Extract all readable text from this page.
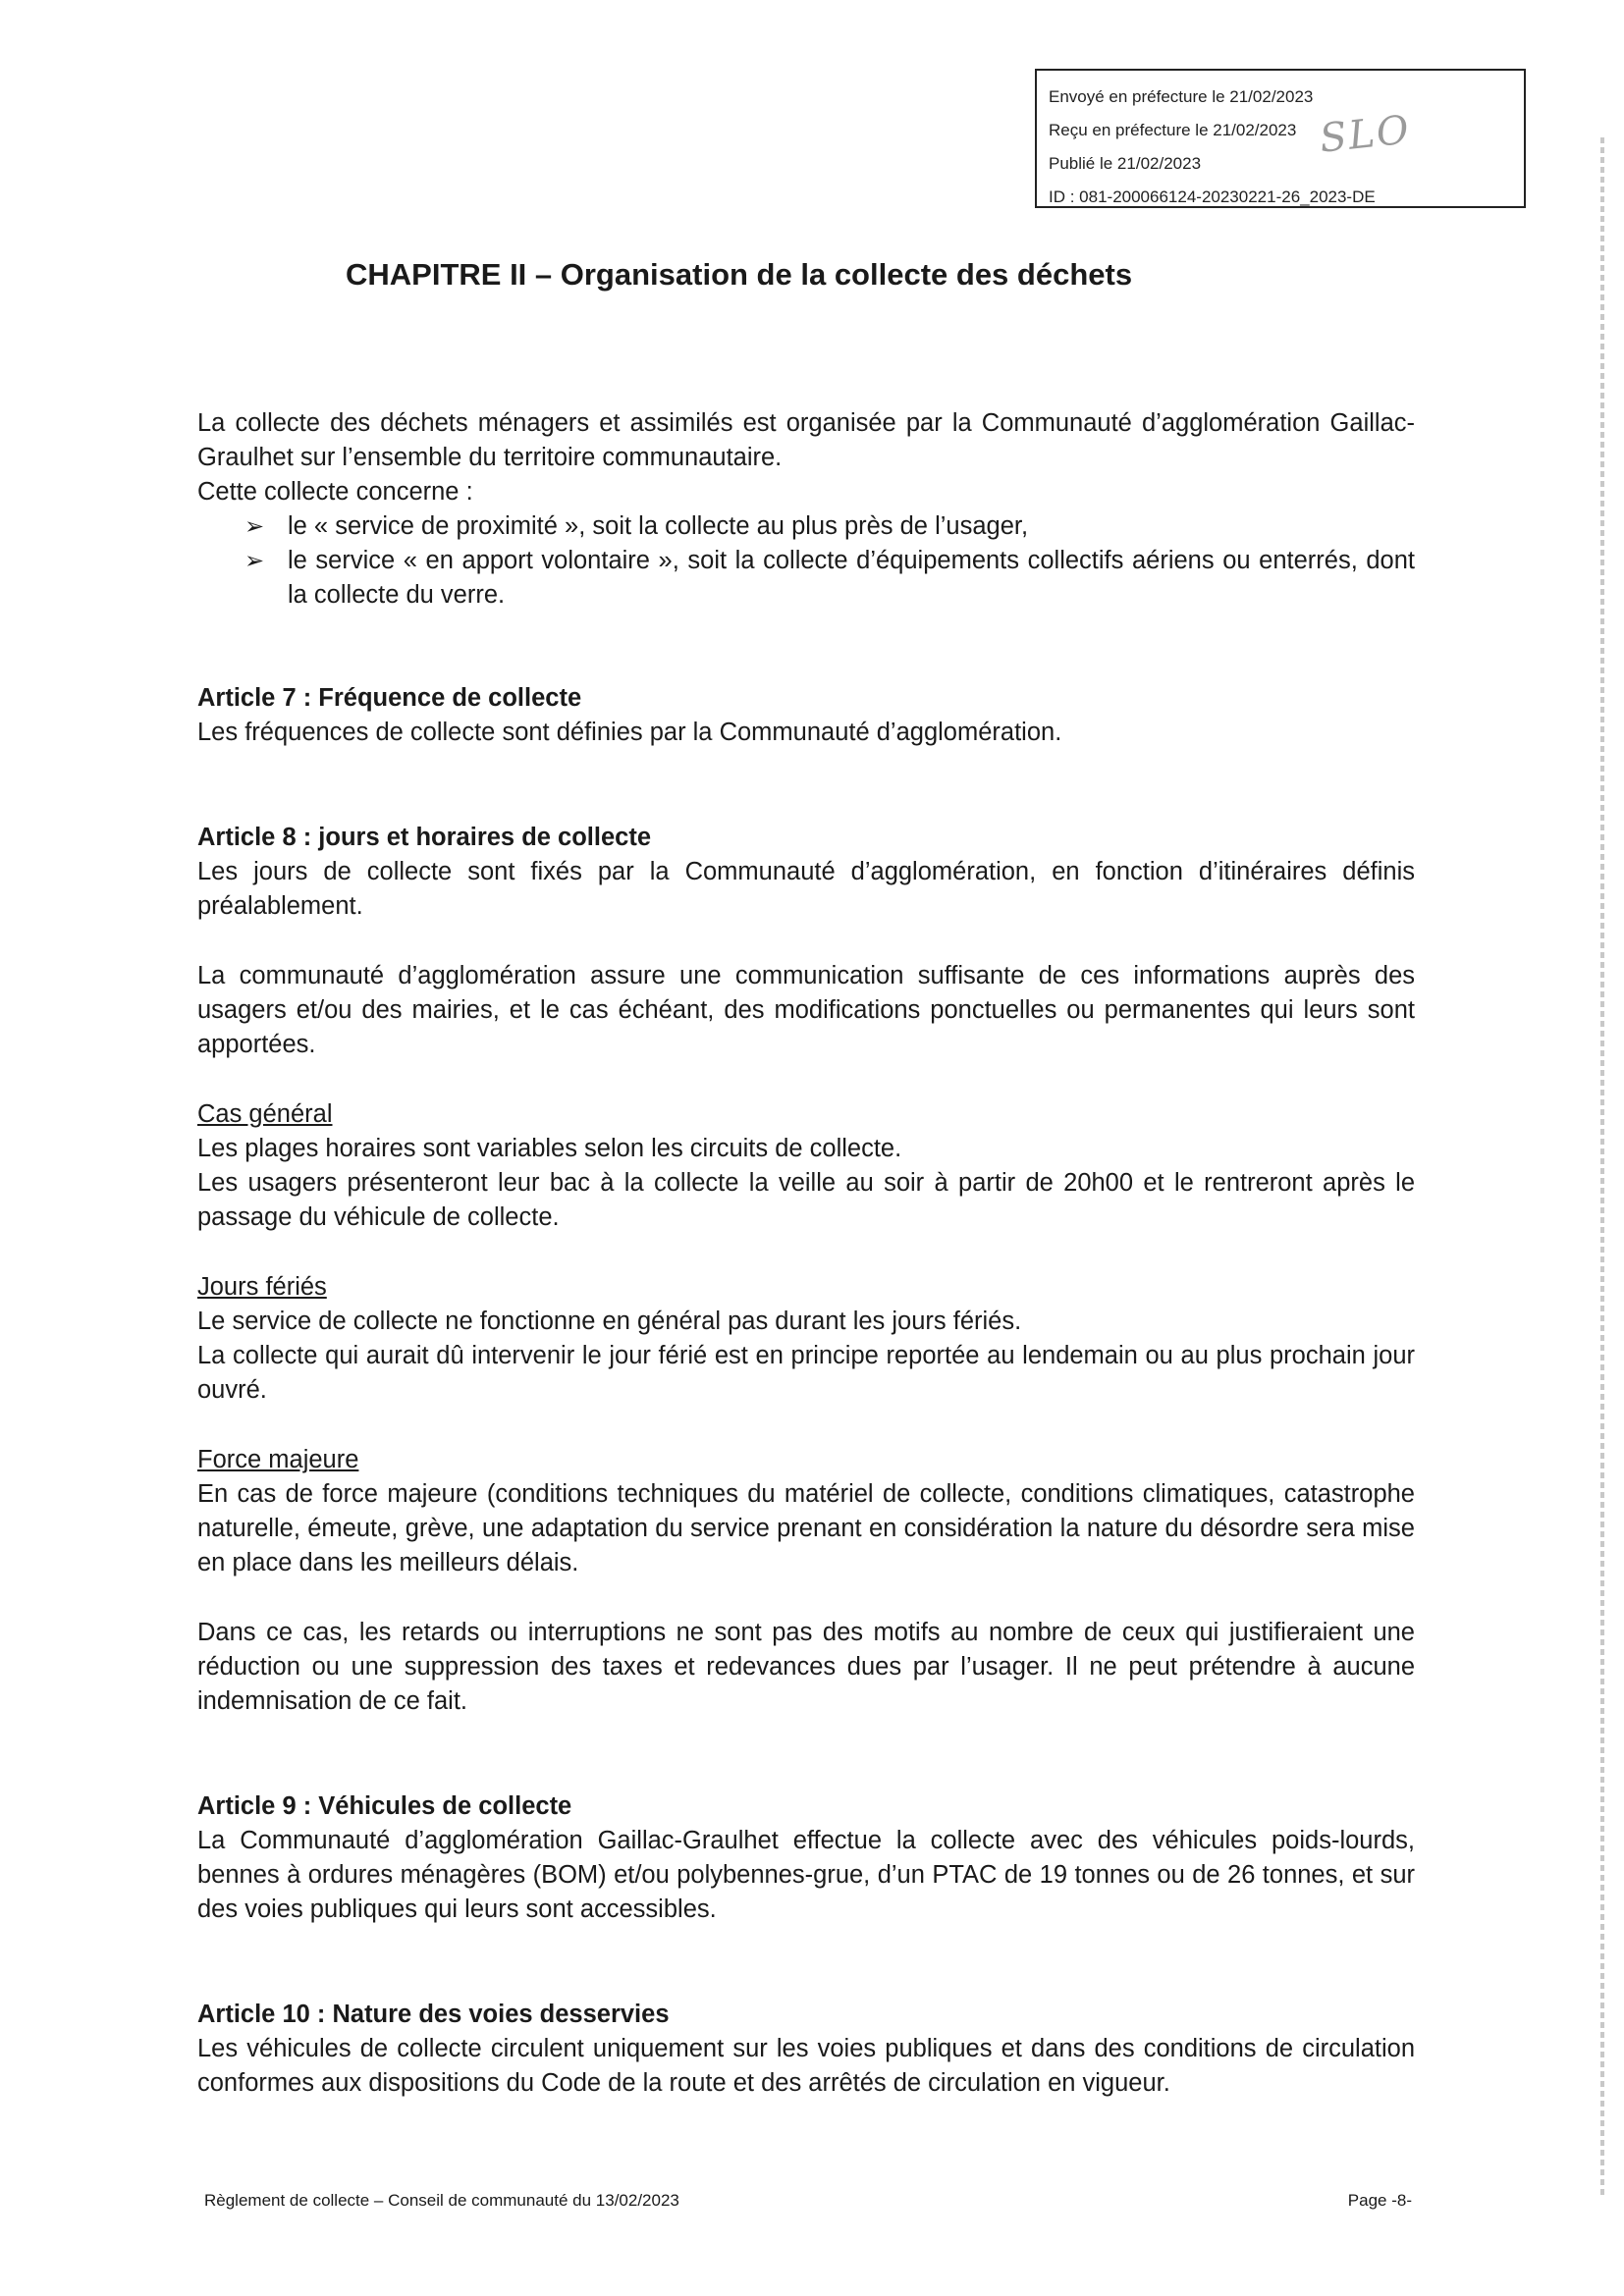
Envoyé en préfecture le 21/02/2023
Reçu en préfecture le 21/02/2023
Publié le 21/02/2023
ID : 081-200066124-20230221-26_2023-DE
SLO
CHAPITRE II – Organisation de la collecte des déchets

La collecte des déchets ménagers et assimilés est organisée par la Communauté d’agglomération Gaillac-Graulhet sur l’ensemble du territoire communautaire.

Cette collecte concerne :

➢ le « service de proximité », soit la collecte au plus près de l’usager,
➢ le service « en apport volontaire », soit la collecte d’équipements collectifs aériens ou enterrés, dont la collecte du verre.

Article 7 : Fréquence de collecte

Les fréquences de collecte sont définies par la Communauté d’agglomération.

Article 8 : jours et horaires de collecte

Les jours de collecte sont fixés par la Communauté d’agglomération, en fonction d’itinéraires définis préalablement.

La communauté d’agglomération assure une communication suffisante de ces informations auprès des usagers et/ou des mairies, et le cas échéant, des modifications ponctuelles ou permanentes qui leurs sont apportées.

Cas général

Les plages horaires sont variables selon les circuits de collecte.

Les usagers présenteront leur bac à la collecte la veille au soir à partir de 20h00 et le rentreront après le passage du véhicule de collecte.

Jours fériés

Le service de collecte ne fonctionne en général pas durant les jours fériés.

La collecte qui aurait dû intervenir le jour férié est en principe reportée au lendemain ou au plus prochain jour ouvré.

Force majeure

En cas de force majeure (conditions techniques du matériel de collecte, conditions climatiques, catastrophe naturelle, émeute, grève, une adaptation du service prenant en considération la nature du désordre sera mise en place dans les meilleurs délais.

Dans ce cas, les retards ou interruptions ne sont pas des motifs au nombre de ceux qui justifieraient une réduction ou une suppression des taxes et redevances dues par l’usager. Il ne peut prétendre à aucune indemnisation de ce fait.

Article 9 : Véhicules de collecte

La Communauté d’agglomération Gaillac-Graulhet effectue la collecte avec des véhicules poids-lourds, bennes à ordures ménagères (BOM) et/ou polybennes-grue, d’un PTAC de 19 tonnes ou de 26 tonnes, et sur des voies publiques qui leurs sont accessibles.

Article 10 : Nature des voies desservies

Les véhicules de collecte circulent uniquement sur les voies publiques et dans des conditions de circulation conformes aux dispositions du Code de la route et des arrêtés de circulation en vigueur.

Règlement de collecte – Conseil de communauté du 13/02/2023	Page -8-
